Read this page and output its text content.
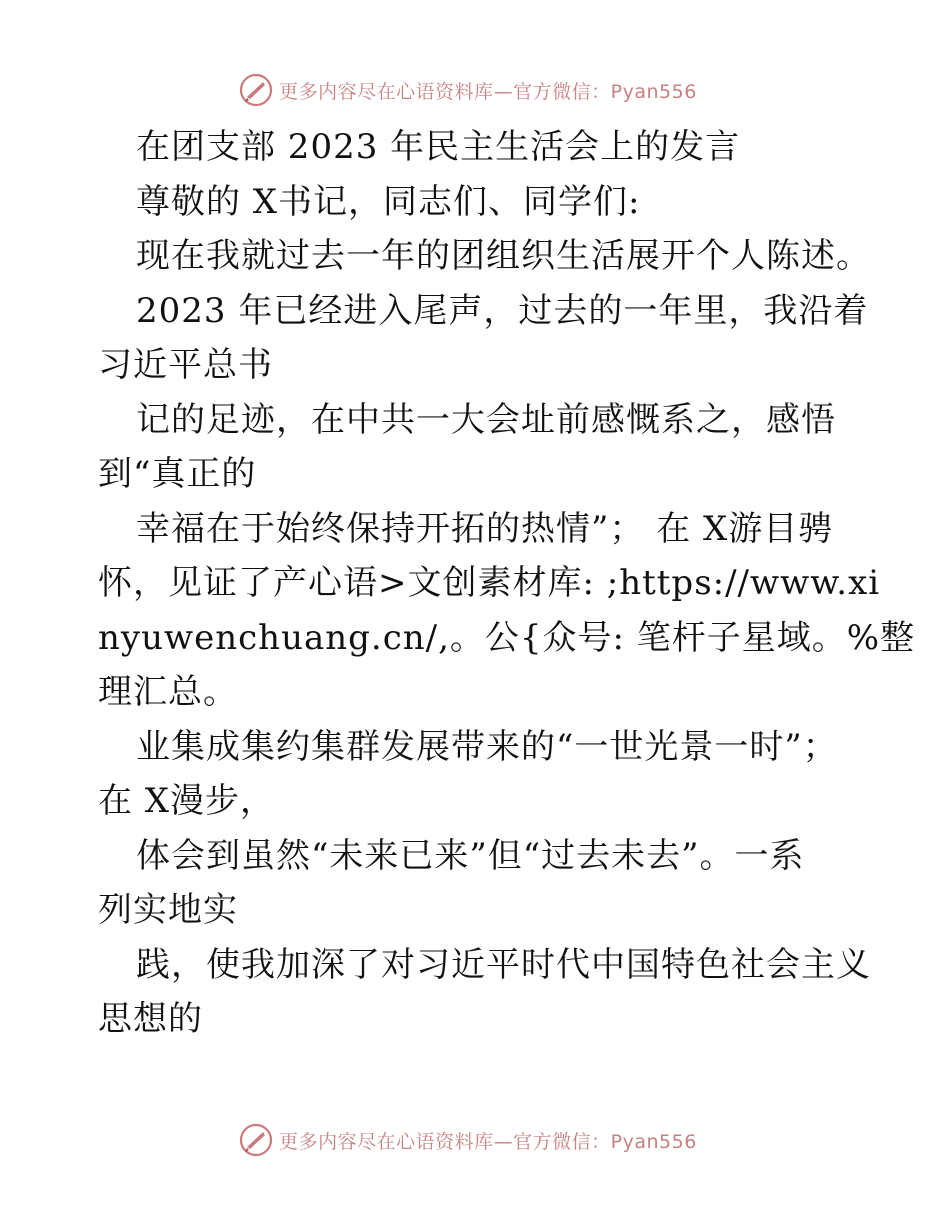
更多内容尽在心语资料库—官方微信：Pyan556
在团支部 2023 年民主生活会上的发言
尊敬的 X书记，同志们、同学们:
现在我就过去一年的团组织生活展开个人陈述。
2023 年已经进入尾声，过去的一年里，我沿着
习近平总书
记的足迹，在中共一大会址前感慨系之，感悟
到“真正的
幸福在于始终保持开拓的热情”； 在 X游目骋
怀，见证了产心语>文创素材库: ;https://www.xi
nyuwenchuang.cn/,。公{众号: 笔杆子星域。%整
理汇总。
业集成集约集群发展带来的“一世光景一时”；
在 X漫步，
体会到虽然“未来已来”但“过去未去”。一系
列实地实
践，使我加深了对习近平时代中国特色社会主义
思想的
更多内容尽在心语资料库—官方微信：Pyan556
